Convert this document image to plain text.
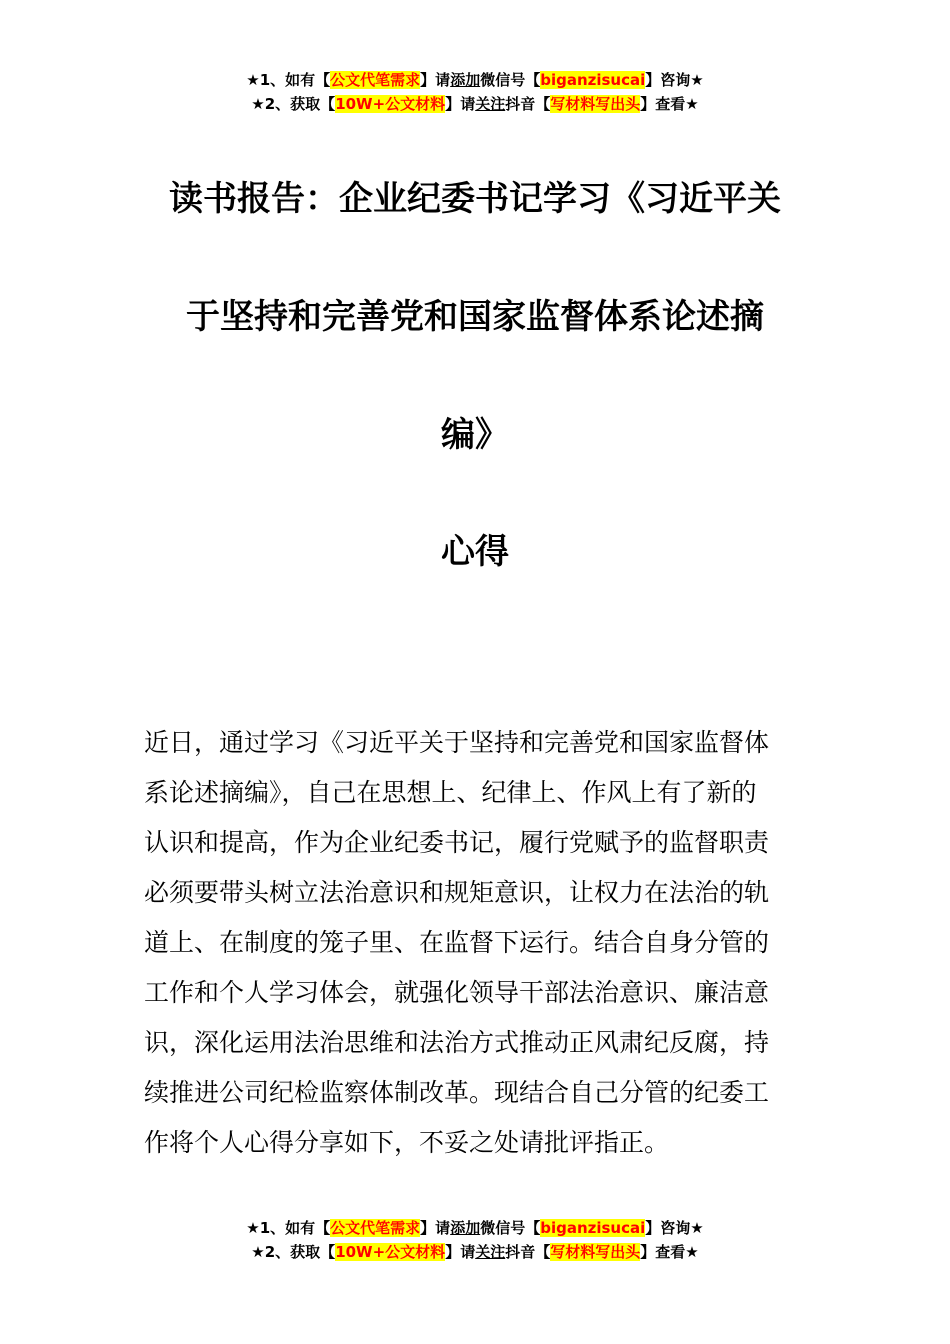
★1、如有【公文代笔需求】请添加微信号【biganzisucai】咨询★
★2、获取【10W+公文材料】请关注抖音【写材料写出头】查看★
读书报告：企业纪委书记学习《习近平关
于坚持和完善党和国家监督体系论述摘
编》
心得
近日，通过学习《习近平关于坚持和完善党和国家监督体
系论述摘编》，自己在思想上、纪律上、作风上有了新的
认识和提高，作为企业纪委书记，履行党赋予的监督职责
必须要带头树立法治意识和规矩意识，让权力在法治的轨
道上、在制度的笼子里、在监督下运行。结合自身分管的
工作和个人学习体会，就强化领导干部法治意识、廉洁意
识，深化运用法治思维和法治方式推动正风肃纪反腐，持
续推进公司纪检监察体制改革。现结合自己分管的纪委工
作将个人心得分享如下，不妥之处请批评指正。
★1、如有【公文代笔需求】请添加微信号【biganzisucai】咨询★
★2、获取【10W+公文材料】请关注抖音【写材料写出头】查看★
